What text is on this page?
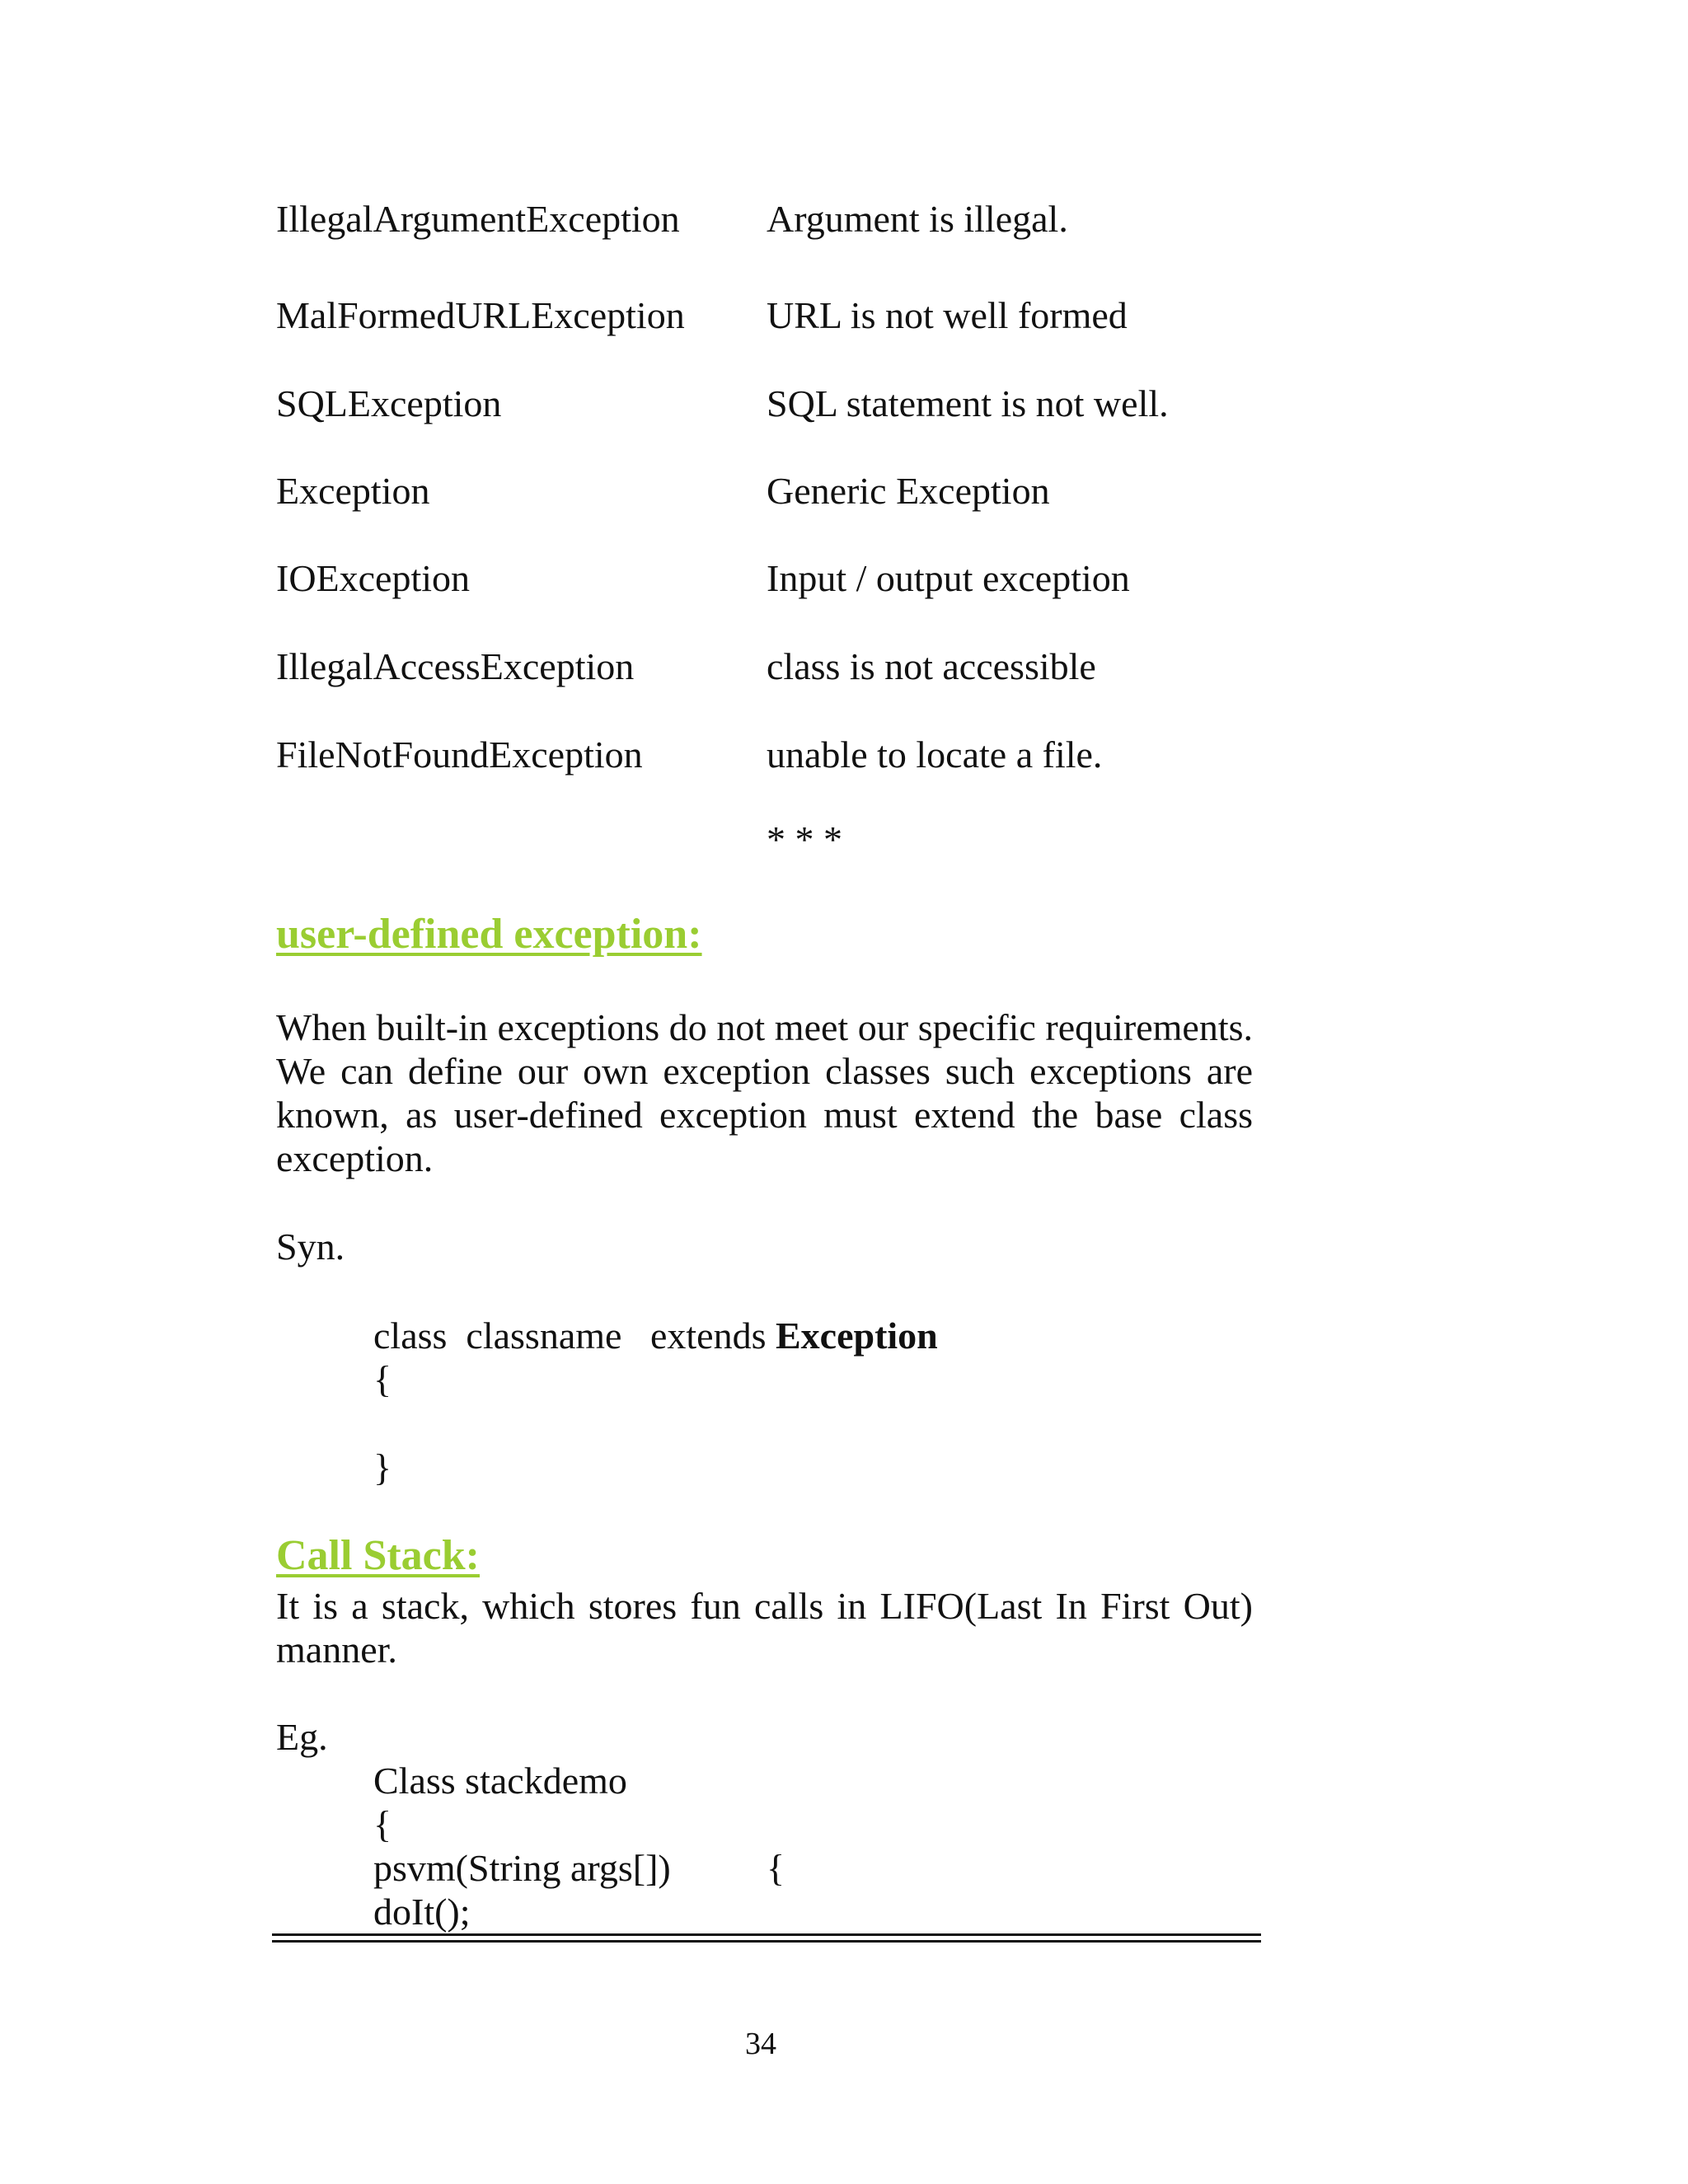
IllegalArgumentException Argument is illegal.
MalFormedURLException URL is not well formed
SQLException	SQL statement is not well.
Exception	Generic Exception
IOException	Input / output exception
IllegalAccessException	class is not accessible
FileNotFoundException	unable to locate a file.
* * *
user-defined exception:
When built-in exceptions do not meet our specific requirements. We can define our own exception classes such exceptions are known, as user-defined exception must extend the base class exception.
Syn.
class  classname   extends Exception
{
}
Call Stack:
It is a stack, which stores fun calls in LIFO(Last In First Out) manner.
Eg.
Class stackdemo
{
psvm(String args[])	{
doIt();
34
